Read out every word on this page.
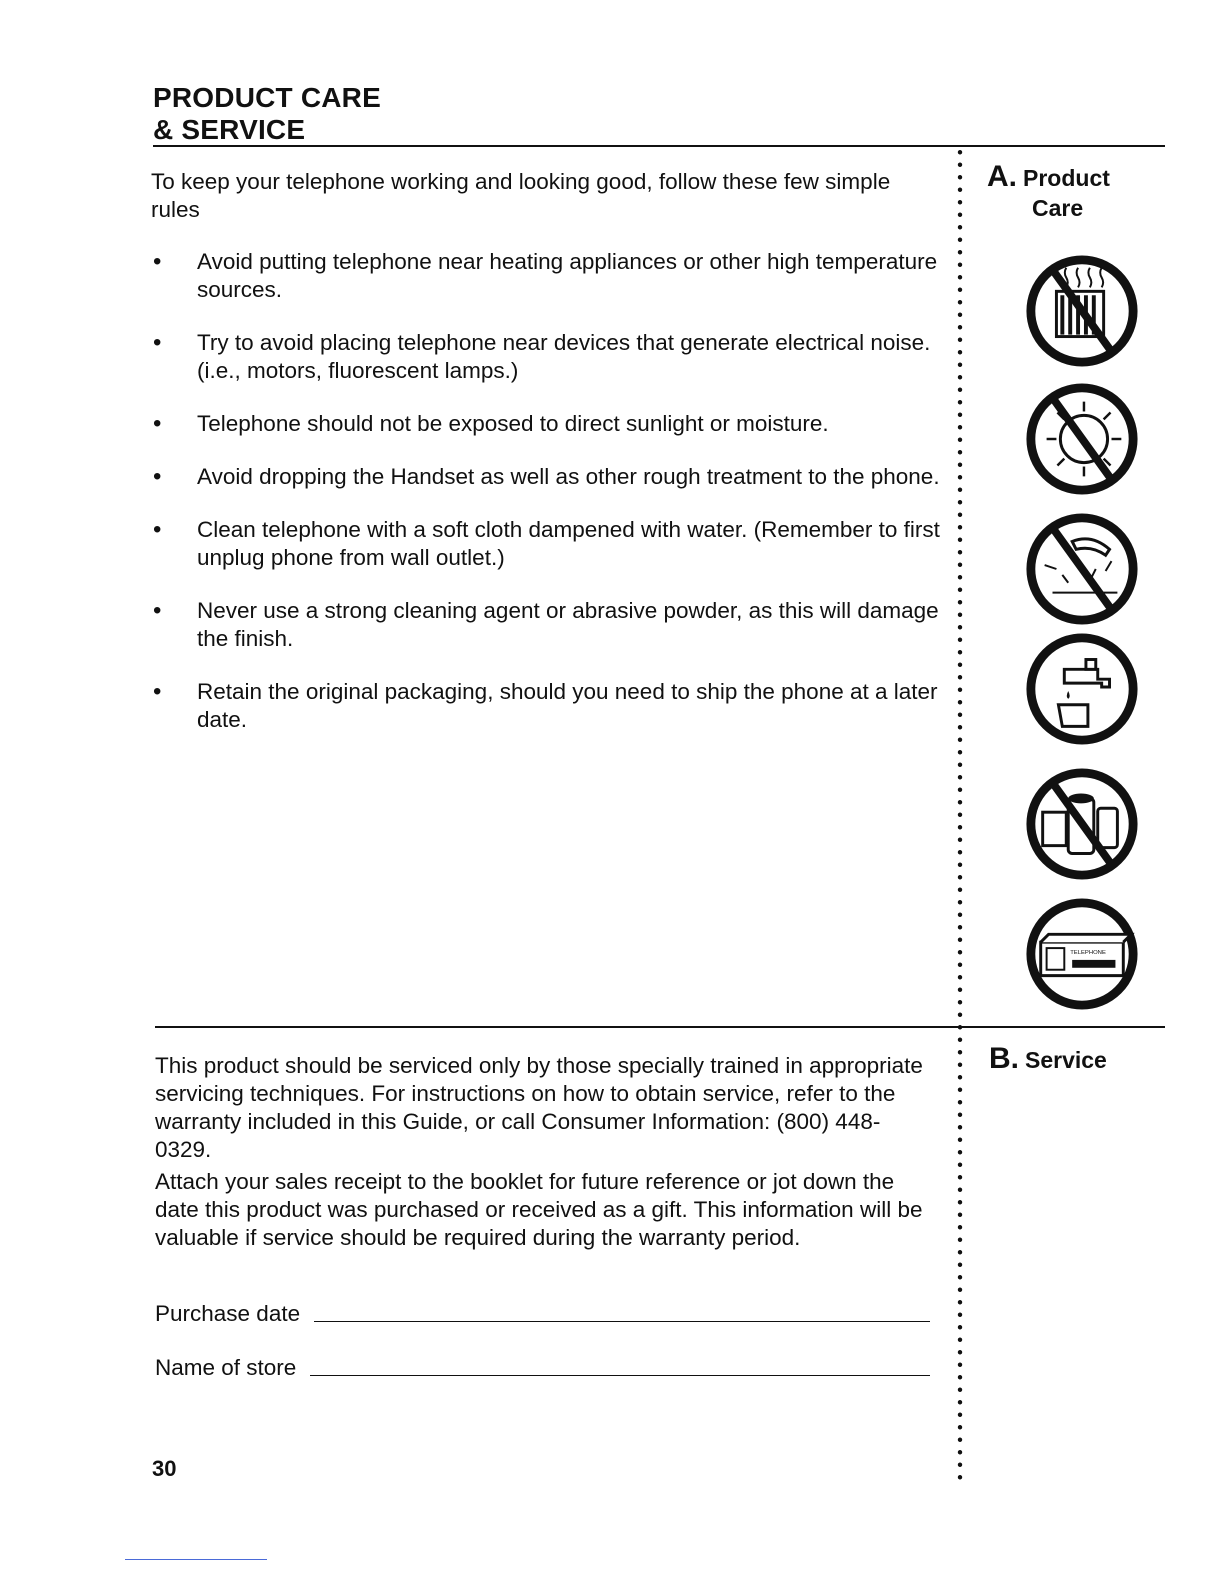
PRODUCT CARE
& SERVICE
A. Product
Care
To keep your telephone working and looking good, follow these few simple rules
• Avoid putting telephone near heating appliances or other high temperature sources.
• Try to avoid placing telephone near devices that generate electrical noise. (i.e., motors, fluorescent lamps.)
• Telephone should not be exposed to direct sunlight or moisture.
• Avoid dropping the Handset as well as other rough treatment to the phone.
• Clean telephone with a soft cloth dampened with water. (Remember to first unplug phone from wall outlet.)
• Never use a strong cleaning agent or abrasive powder, as this will damage the finish.
• Retain the original packaging, should you need to ship the phone at a later date.
TELEPHONE
B. Service

This product should be serviced only by those specially trained in appropriate servicing techniques. For instructions on how to obtain service, refer to the warranty included in this Guide, or call Consumer Information: (800) 448-0329.

Attach your sales receipt to the booklet for future reference or jot down the date this product was purchased or received as a gift. This information will be valuable if service should be required during the warranty period.

Purchase date
Name of store
30
